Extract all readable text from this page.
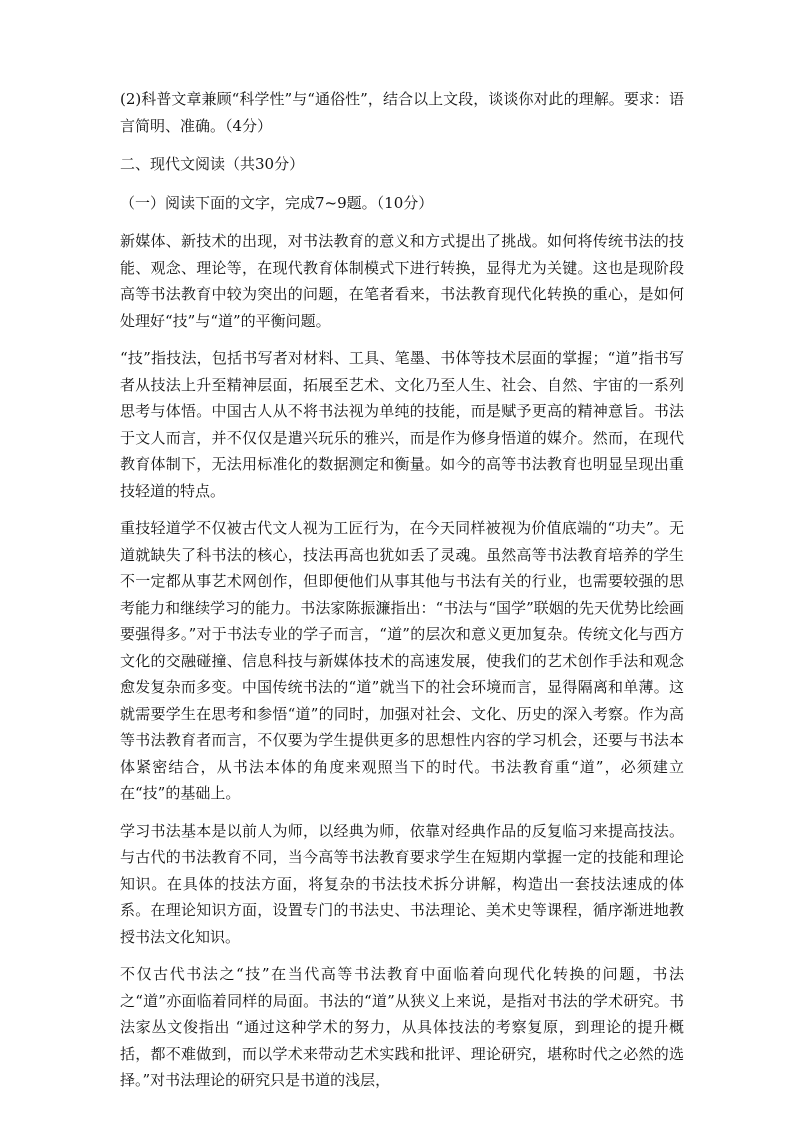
(2)科普文章兼顾“科学性”与“通俗性”，结合以上文段，谈谈你对此的理解。要求：语言简明、准确。（4分）

二、现代文阅读（共30分）

（一）阅读下面的文字，完成7~9题。（10分）

新媒体、新技术的出现，对书法教育的意义和方式提出了挑战。如何将传统书法的技能、观念、理论等，在现代教育体制模式下进行转换，显得尤为关键。这也是现阶段高等书法教育中较为突出的问题，在笔者看来，书法教育现代化转换的重心，是如何处理好“技”与“道”的平衡问题。

“技”指技法，包括书写者对材料、工具、笔墨、书体等技术层面的掌握；“道”指书写者从技法上升至精神层面，拓展至艺术、文化乃至人生、社会、自然、宇宙的一系列思考与体悟。中国古人从不将书法视为单纯的技能，而是赋予更高的精神意旨。书法于文人而言，并不仅仅是遣兴玩乐的雅兴，而是作为修身悟道的媒介。然而，在现代教育体制下，无法用标准化的数据测定和衡量。如今的高等书法教育也明显呈现出重技轻道的特点。

重技轻道学不仅被古代文人视为工匠行为，在今天同样被视为价值底端的“功夫”。无道就缺失了科书法的核心，技法再高也犹如丢了灵魂。虽然高等书法教育培养的学生不一定都从事艺术网创作，但即便他们从事其他与书法有关的行业，也需要较强的思考能力和继续学习的能力。书法家陈振濂指出：“书法与“国学”联姻的先天优势比绘画要强得多。”对于书法专业的学子而言，“道”的层次和意义更加复杂。传统文化与西方文化的交融碰撞、信息科技与新媒体技术的高速发展，使我们的艺术创作手法和观念愈发复杂而多变。中国传统书法的“道”就当下的社会环境而言，显得隔离和单薄。这就需要学生在思考和参悟“道”的同时，加强对社会、文化、历史的深入考察。作为高等书法教育者而言，不仅要为学生提供更多的思想性内容的学习机会，还要与书法本体紧密结合，从书法本体的角度来观照当下的时代。书法教育重“道”，必须建立在“技”的基础上。

学习书法基本是以前人为师，以经典为师，依靠对经典作品的反复临习来提高技法。与古代的书法教育不同，当今高等书法教育要求学生在短期内掌握一定的技能和理论知识。在具体的技法方面，将复杂的书法技术拆分讲解，构造出一套技法速成的体系。在理论知识方面，设置专门的书法史、书法理论、美术史等课程，循序渐进地教授书法文化知识。

不仅古代书法之“技”在当代高等书法教育中面临着向现代化转换的问题，书法之“道”亦面临着同样的局面。书法的“道”从狭义上来说，是指对书法的学术研究。书法家丛文俊指出 “通过这种学术的努力，从具体技法的考察复原，到理论的提升概括，都不难做到，而以学术来带动艺术实践和批评、理论研究，堪称时代之必然的选择。”对书法理论的研究只是书道的浅层，
